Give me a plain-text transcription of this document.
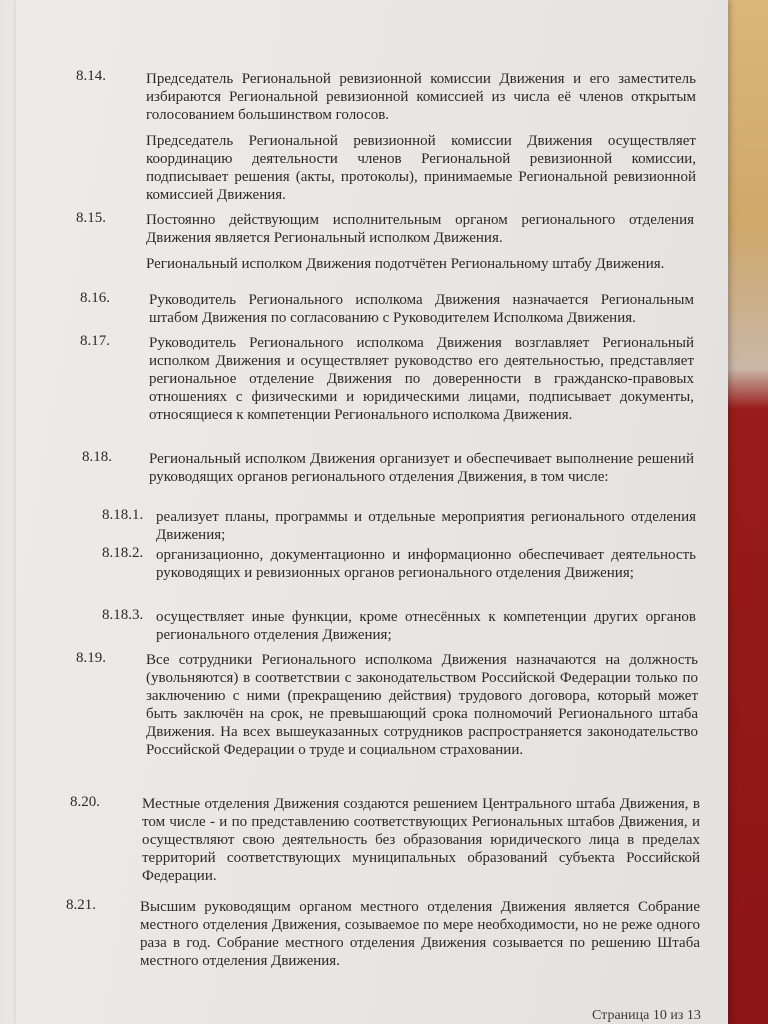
8.14.	Председатель Региональной ревизионной комиссии Движения и его заместитель избираются Региональной ревизионной комиссией из числа её членов открытым голосованием большинством голосов.

Председатель Региональной ревизионной комиссии Движения осуществляет координацию деятельности членов Региональной ревизионной комиссии, подписывает решения (акты, протоколы), принимаемые Региональной ревизионной комиссией Движения.

8.15.	Постоянно действующим исполнительным органом регионального отделения Движения является Региональный исполком Движения.

Региональный исполком Движения подотчётен Региональному штабу Движения.

8.16.	Руководитель Регионального исполкома Движения назначается Региональным штабом Движения по согласованию с Руководителем Исполкома Движения.

8.17.	Руководитель Регионального исполкома Движения возглавляет Региональный исполком Движения и осуществляет руководство его деятельностью, представляет региональное отделение Движения по доверенности в гражданско-правовых отношениях с физическими и юридическими лицами, подписывает документы, относящиеся к компетенции Регионального исполкома Движения.

8.18. Региональный исполком Движения организует и обеспечивает выполнение решений руководящих органов регионального отделения Движения, в том числе:

8.18.1. реализует планы, программы и отдельные мероприятия регионального отделения Движения;

8.18.2. организационно, документационно и информационно обеспечивает деятельность руководящих и ревизионных органов регионального отделения Движения;

8.18.3. осуществляет иные функции, кроме отнесённых к компетенции других органов регионального отделения Движения;

8.19.	Все сотрудники Регионального исполкома Движения назначаются на должность (увольняются) в соответствии с законодательством Российской Федерации только по заключению с ними (прекращению действия) трудового договора, который может быть заключён на срок, не превышающий срока полномочий Регионального штаба Движения. На всех вышеуказанных сотрудников распространяется законодательство Российской Федерации о труде и социальном страховании.

8.20.	Местные отделения Движения создаются решением Центрального штаба Движения, в том числе - и по представлению соответствующих Региональных штабов Движения, и осуществляют свою деятельность без образования юридического лица в пределах территорий соответствующих муниципальных образований субъекта Российской Федерации.

8.21.	Высшим руководящим органом местного отделения Движения является Собрание местного отделения Движения, созываемое по мере необходимости, но не реже одного раза в год. Собрание местного отделения Движения созывается по решению Штаба местного отделения Движения.

Страница 10 из 13
